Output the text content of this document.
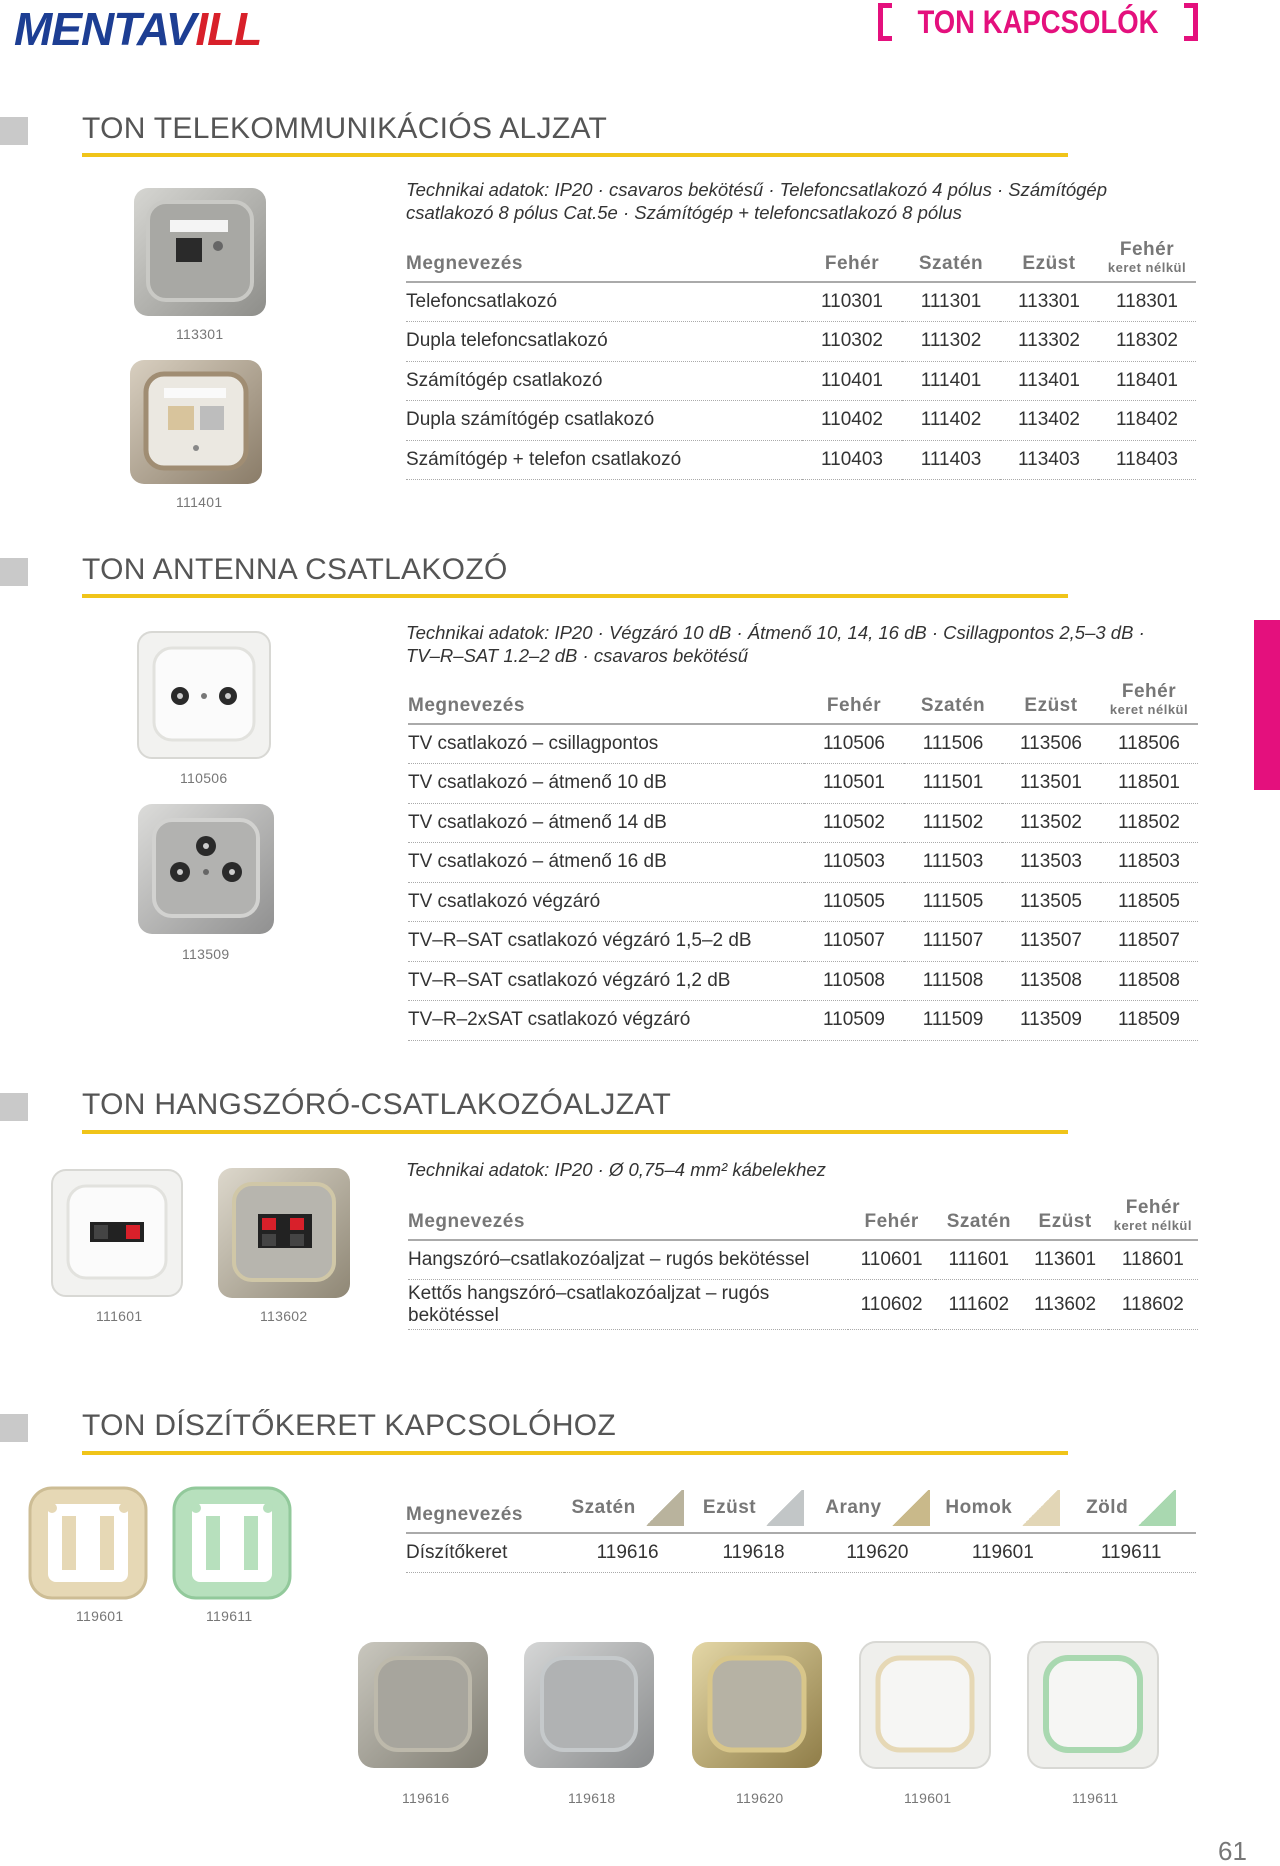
MENTAVILL	TON KAPCSOLÓK
TON TELEKOMMUNIKÁCIÓS ALJZAT
113301
111401
Technikai adatok: IP20 · csavaros bekötésű · Telefoncsatlakozó 4 pólus · Számítógép
csatlakozó 8 pólus Cat.5e · Számítógép + telefoncsatlakozó 8 pólus
Megnevezés	Fehér	Szatén	Ezüst	Fehér
keret nélkül

Telefoncsatlakozó	110301	111301	113301	118301
Dupla telefoncsatlakozó	110302	111302	113302	118302
Számítógép csatlakozó	110401	111401	113401	118401
Dupla számítógép csatlakozó	110402	111402	113402	118402
Számítógép + telefon csatlakozó	110403	111403	113403	118403
TON ANTENNA CSATLAKOZÓ
110506
113509
Technikai adatok: IP20 · Végzáró 10 dB · Átmenő 10, 14, 16 dB · Csillagpontos 2,5–3 dB ·
TV–R–SAT 1.2–2 dB · csavaros bekötésű
Megnevezés	Fehér	Szatén	Ezüst	Fehér
keret nélkül

TV csatlakozó – csillagpontos	110506	111506	113506	118506
TV csatlakozó – átmenő 10 dB	110501	111501	113501	118501
TV csatlakozó – átmenő 14 dB	110502	111502	113502	118502
TV csatlakozó – átmenő 16 dB	110503	111503	113503	118503
TV csatlakozó végzáró	110505	111505	113505	118505
TV–R–SAT csatlakozó végzáró 1,5–2 dB	110507	111507	113507	118507
TV–R–SAT csatlakozó végzáró 1,2 dB	110508	111508	113508	118508
TV–R–2xSAT csatlakozó végzáró	110509	111509	113509	118509
TON HANGSZÓRÓ-CSATLAKOZÓALJZAT
111601	113602
Technikai adatok: IP20 · Ø 0,75–4 mm² kábelekhez
Megnevezés	Fehér	Szatén	Ezüst	Fehér
keret nélkül

Hangszóró–csatlakozóaljzat – rugós bekötéssel	110601	111601	113601	118601
Kettős hangszóró–csatlakozóaljzat – rugós bekötéssel	110602	111602	113602	118602
TON DÍSZÍTŐKERET KAPCSOLÓHOZ
119601	119611
Megnevezés	Szatén	Ezüst	Arany	Homok	Zöld
Díszítőkeret	119616	119618	119620	119601	119611
119616	119618	119620	119601	119611
61
